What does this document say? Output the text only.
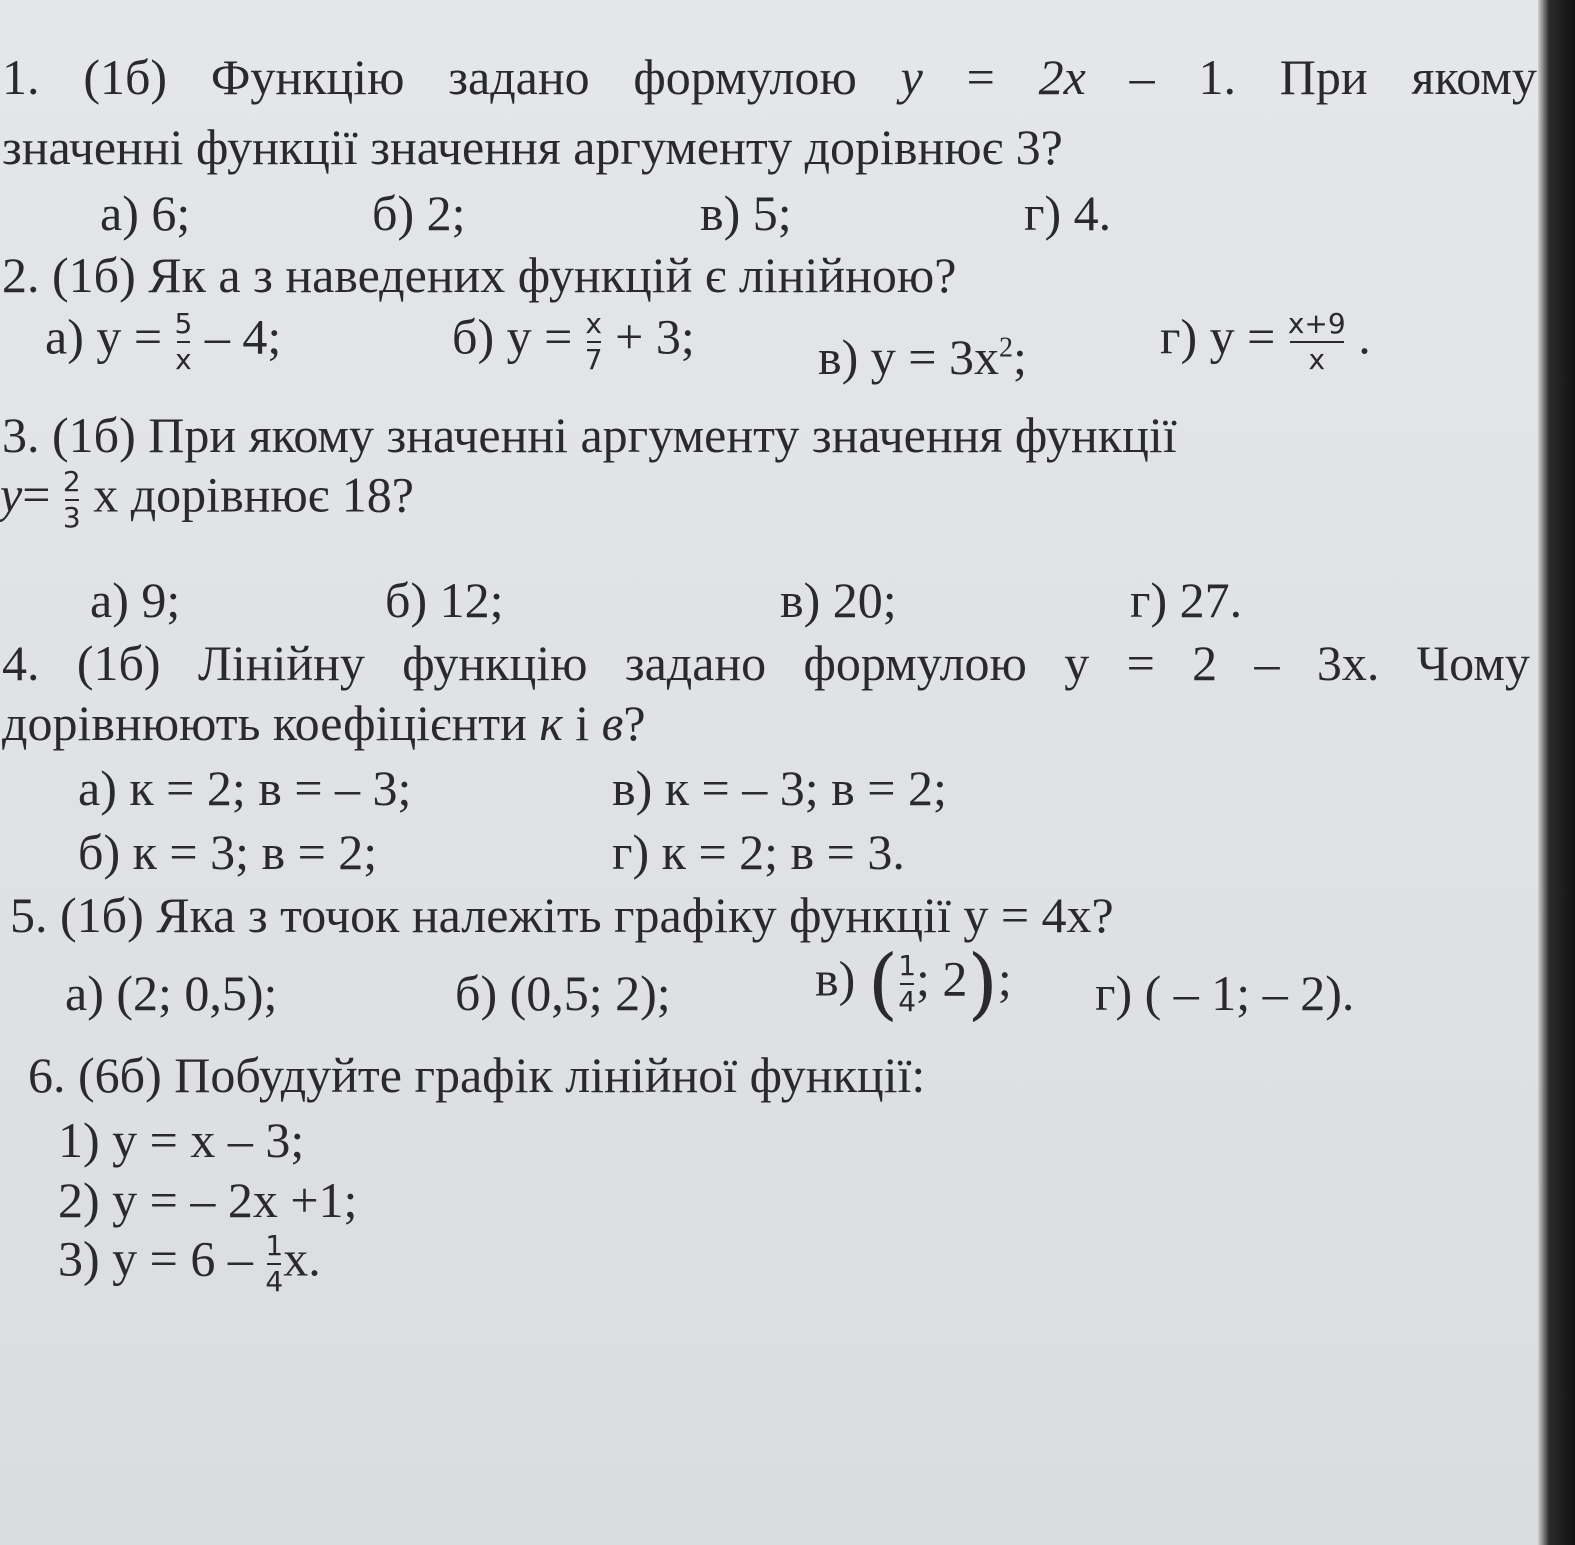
1. (1б) Функцію задано формулою y = 2x – 1. При якому
значенні функції значення аргументу дорівнює 3?
а) 6;	б) 2;	в) 5;	г) 4.
2. (1б) Як а з наведених функцій є лінійною?
а) $у = \frac{5}{x} - 4$;	б) $у = \frac{x}{7} + 3$; в) $у = 3х^2$;	г) $у = \frac{x+9}{x}$ .
3. (1б) При якому значенні аргументу значення функції
$y= \frac{2}{3}$ x дорівнює 18?
а) 9;	б) 12;	в) 20;	г) 27.
4. (1б) Лінійну функцію задано формулою у = 2 – 3х. Чому
дорівнюють коефіцієнти к і в?
а) к = 2; в = – 3;	в) к = – 3; в = 2;
б) к = 3; в = 2;	г) к = 2; в = 3.
5. (1б) Яка з точок належіть графіку функції у = 4х?
а) (2; 0,5);	б) (0,5; 2);	в) ( $\frac{1}{4}$ ; 2); г) ( – 1; – 2).
6. (6б) Побудуйте графік лінійної функції:
1) у = х – 3;
2) у = – 2х +1;
3) $у = 6 - \frac{1}{4} х$.
